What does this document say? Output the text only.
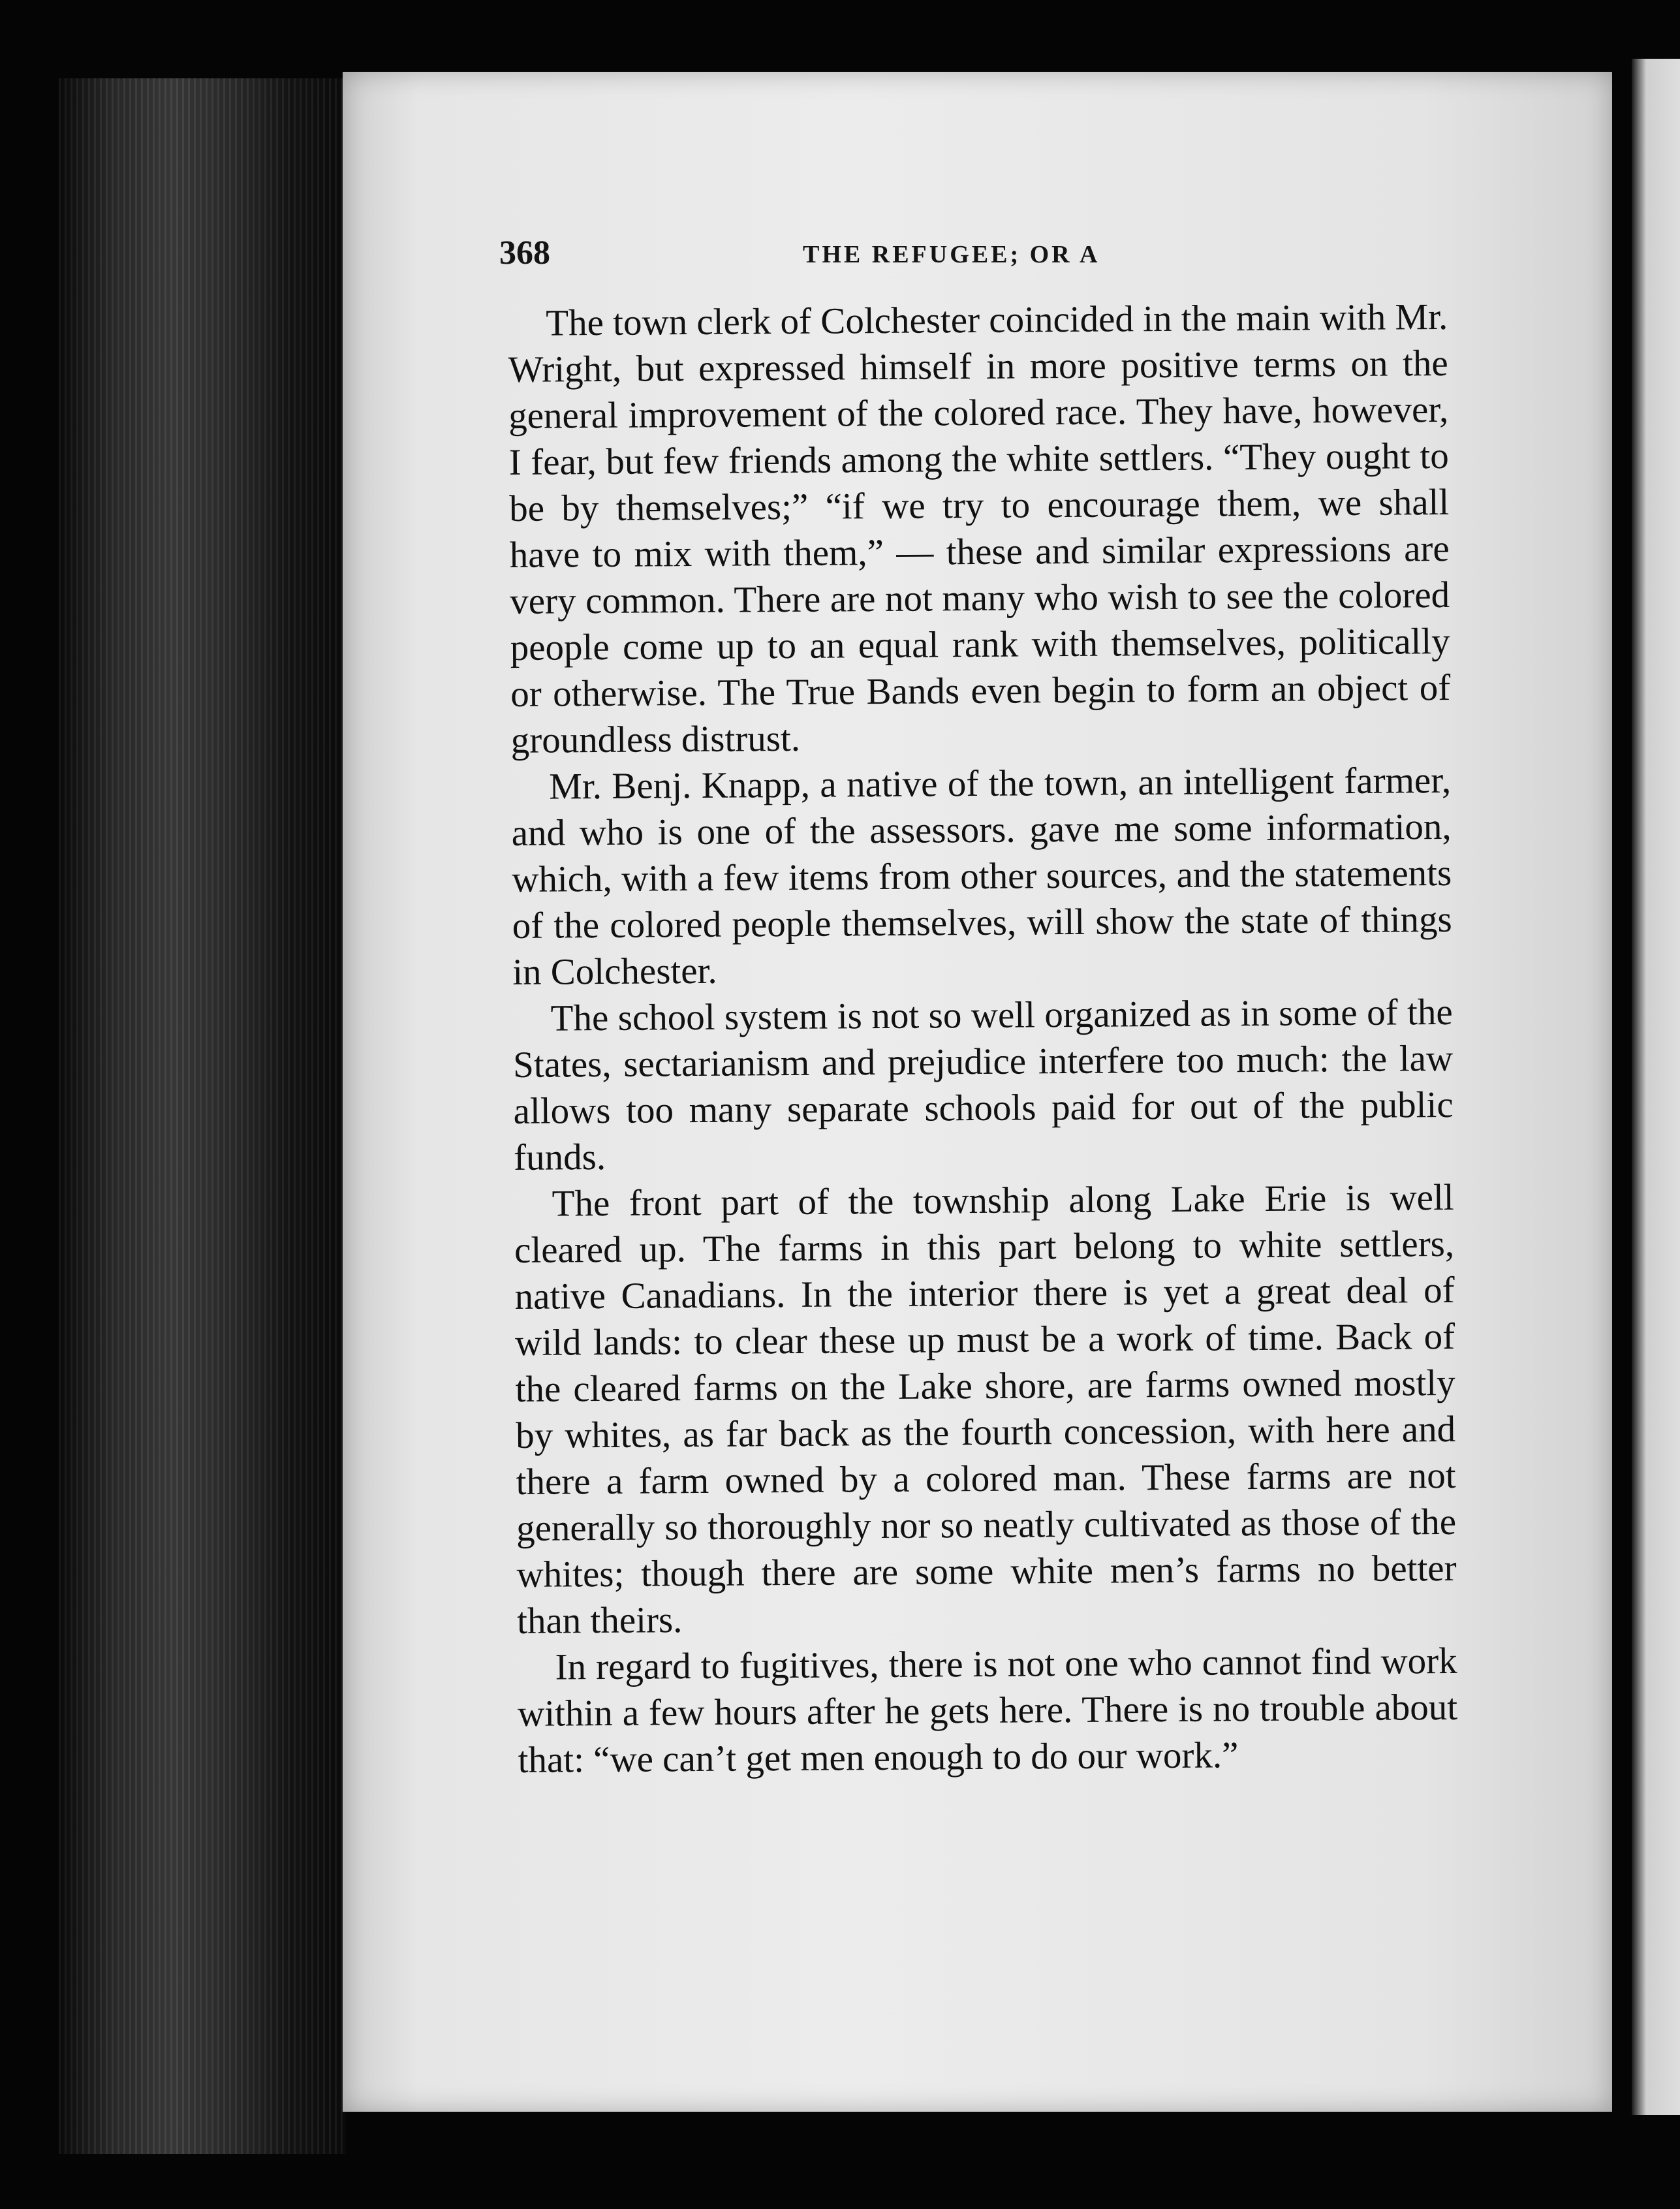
368	THE REFUGEE; OR A

The town clerk of Colchester coincided in the main with Mr. Wright, but expressed himself in more positive terms on the general improvement of the colored race. They have, however, I fear, but few friends among the white settlers. “They ought to be by themselves;” “if we try to encourage them, we shall have to mix with them,” — these and similar expressions are very common. There are not many who wish to see the colored people come up to an equal rank with themselves, politically or otherwise. The True Bands even begin to form an object of groundless distrust.

Mr. Benj. Knapp, a native of the town, an intelligent farmer, and who is one of the assessors. gave me some information, which, with a few items from other sources, and the statements of the colored people themselves, will show the state of things in Colchester.

The school system is not so well organized as in some of the States, sectarianism and prejudice interfere too much: the law allows too many separate schools paid for out of the public funds.

The front part of the township along Lake Erie is well cleared up. The farms in this part belong to white settlers, native Canadians. In the interior there is yet a great deal of wild lands: to clear these up must be a work of time. Back of the cleared farms on the Lake shore, are farms owned mostly by whites, as far back as the fourth concession, with here and there a farm owned by a colored man. These farms are not generally so thoroughly nor so neatly cultivated as those of the whites; though there are some white men’s farms no better than theirs.

In regard to fugitives, there is not one who cannot find work within a few hours after he gets here. There is no trouble about that: “we can’t get men enough to do our work.”
